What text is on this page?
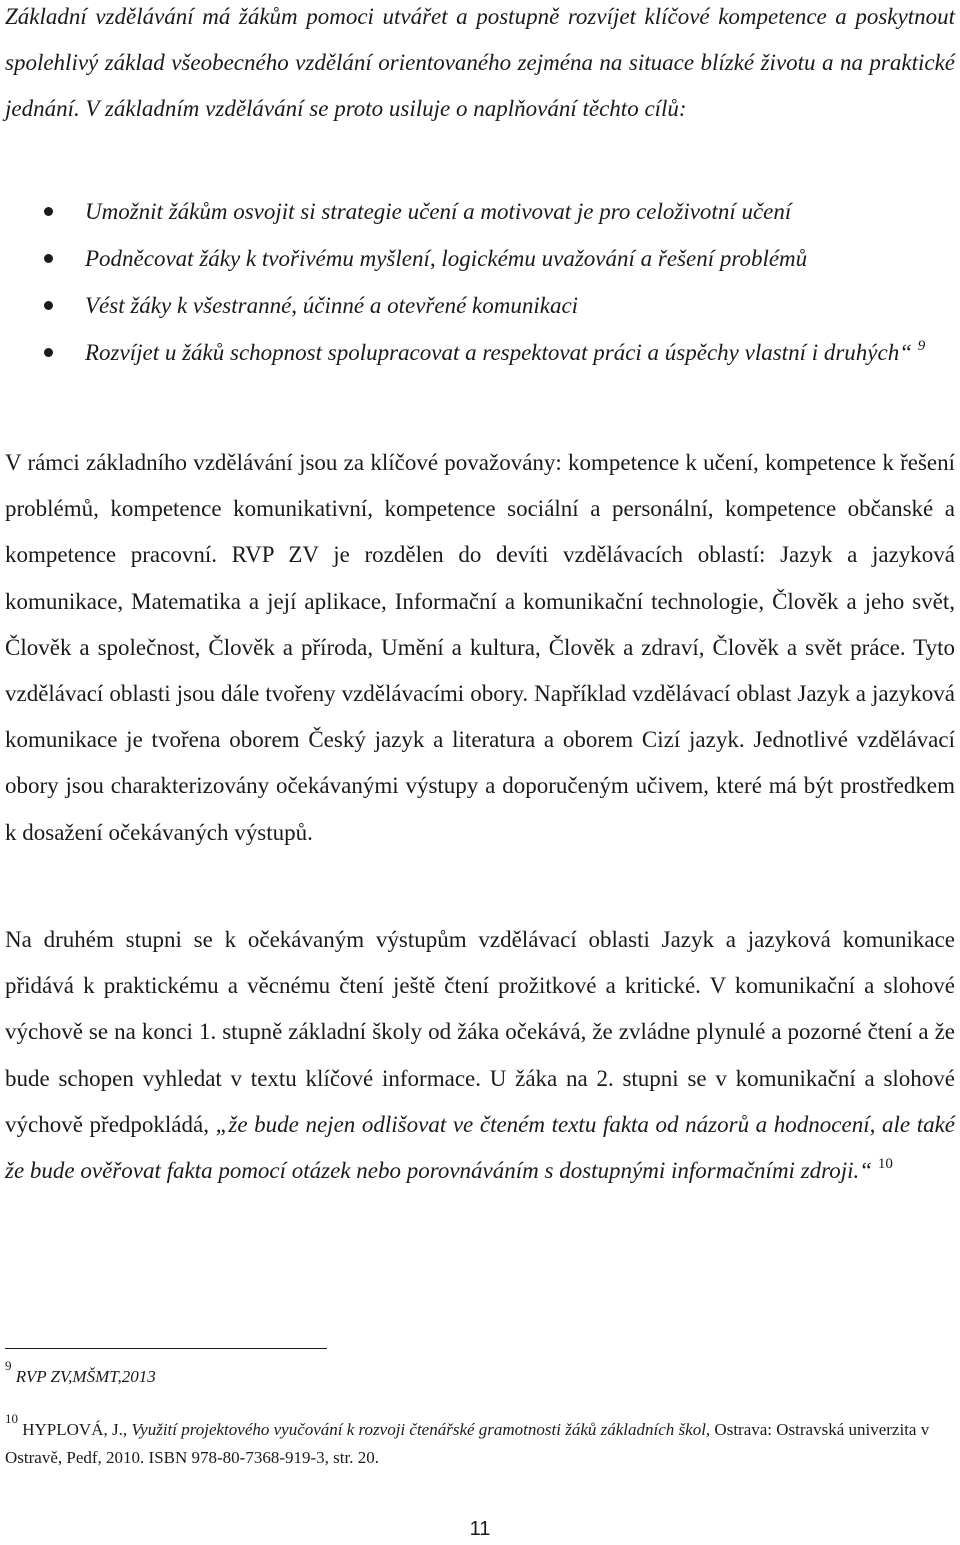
Základní vzdělávání má žákům pomoci utvářet a postupně rozvíjet klíčové kompetence a poskytnout spolehlivý základ všeobecného vzdělání orientovaného zejména na situace blízké životu a na praktické jednání. V základním vzdělávání se proto usiluje o naplňování těchto cílů:

Umožnit žákům osvojit si strategie učení a motivovat je pro celoživotní učení
Podněcovat žáky k tvořivému myšlení, logickému uvažování a řešení problémů
Vést žáky k všestranné, účinné a otevřené komunikaci
Rozvíjet u žáků schopnost spolupracovat a respektovat práci a úspěchy vlastní i druhých“ $^9$

V rámci základního vzdělávání jsou za klíčové považovány: kompetence k učení, kompetence k řešení problémů, kompetence komunikativní, kompetence sociální a personální, kompetence občanské a kompetence pracovní. RVP ZV je rozdělen do devíti vzdělávacích oblastí: Jazyk a jazyková komunikace, Matematika a její aplikace, Informační a komunikační technologie, Člověk a jeho svět, Člověk a společnost, Člověk a příroda, Umění a kultura, Člověk a zdraví, Člověk a svět práce. Tyto vzdělávací oblasti jsou dále tvořeny vzdělávacími obory. Například vzdělávací oblast Jazyk a jazyková komunikace je tvořena oborem Český jazyk a literatura a oborem Cizí jazyk. Jednotlivé vzdělávací obory jsou charakterizovány očekávanými výstupy a doporučeným učivem, které má být prostředkem k dosažení očekávaných výstupů.

Na druhém stupni se k očekávaným výstupům vzdělávací oblasti Jazyk a jazyková komunikace přidává k praktickému a věcnému čtení ještě čtení prožitkové a kritické. V komunikační a slohové výchově se na konci 1. stupně základní školy od žáka očekává, že zvládne plynulé a pozorné čtení a že bude schopen vyhledat v textu klíčové informace. U žáka na 2. stupni se v komunikační a slohové výchově předpokládá, „že bude nejen odlišovat ve čteném textu fakta od názorů a hodnocení, ale také že bude ověřovat fakta pomocí otázek nebo porovnáváním s dostupnými informačními zdroji.“ $^{10}$

$^9$ RVP ZV,MŠMT,2013

$^{10}$ HYPLOVÁ, J., Využití projektového vyučování k rozvoji čtenářské gramotnosti žáků základních škol, Ostrava: Ostravská univerzita v Ostravě, Pedf, 2010. ISBN 978-80-7368-919-3, str. 20.

11
